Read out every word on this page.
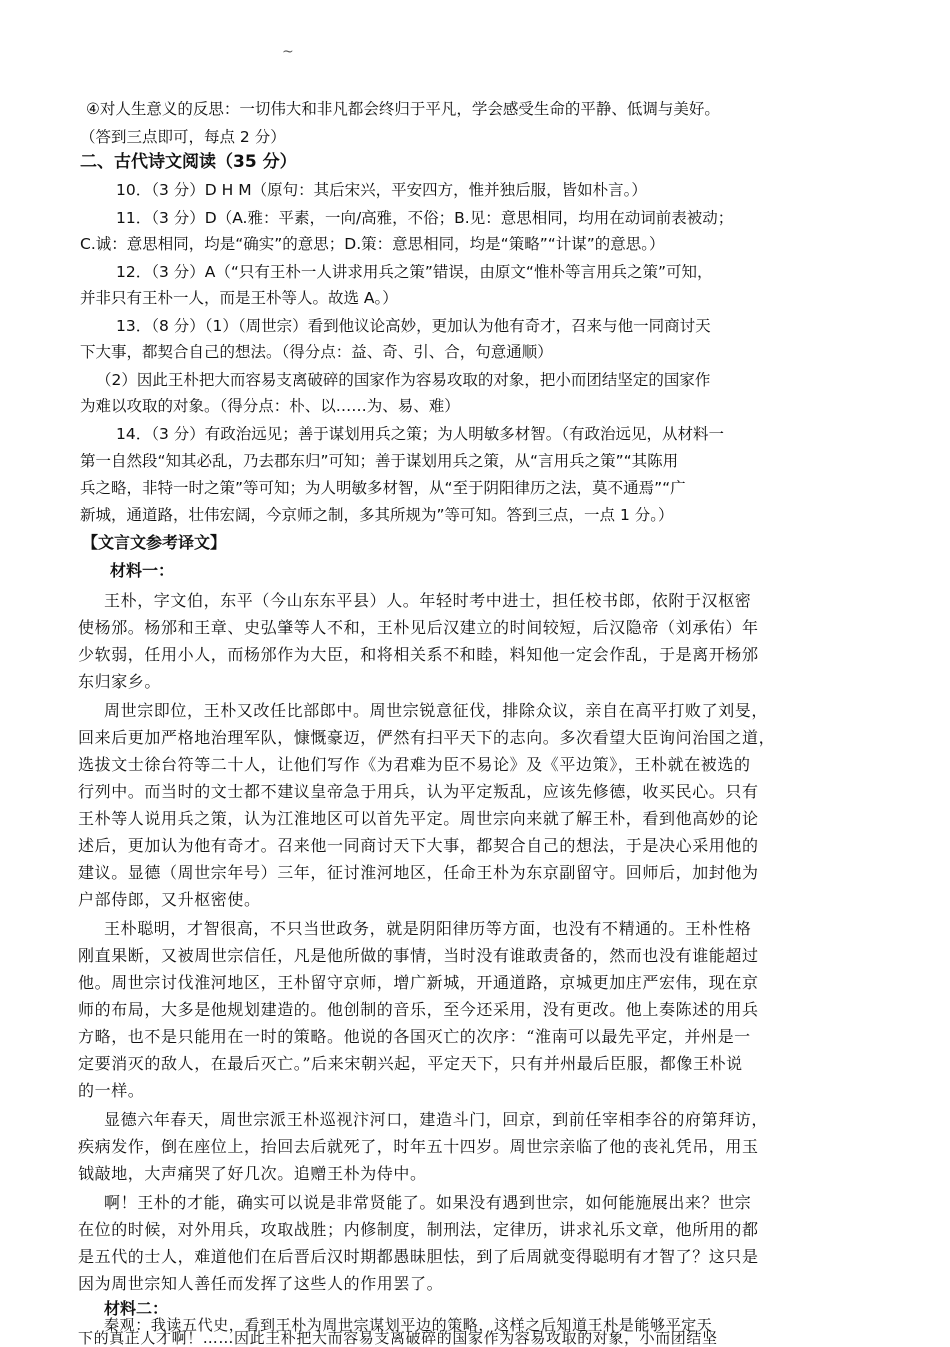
~
④对人生意义的反思：一切伟大和非凡都会终归于平凡，学会感受生命的平静、低调与美好。
（答到三点即可，每点 2 分）
二、古代诗文阅读（35 分）
10．（3 分）D H M（原句：其后宋兴，平安四方，惟并独后服，皆如朴言。）
11．（3 分）D（A.雅：平素，一向/高雅，不俗；B.见：意思相同，均用在动词前表被动；
C.诚：意思相同，均是“确实”的意思；D.策：意思相同，均是“策略”“计谋”的意思。）
12．（3 分）A（“只有王朴一人讲求用兵之策”错误，由原文“惟朴等言用兵之策”可知，
并非只有王朴一人，而是王朴等人。故选 A。）
13．（8 分）（1）（周世宗）看到他议论高妙，更加认为他有奇才，召来与他一同商讨天
下大事，都契合自己的想法。（得分点：益、奇、引、合，句意通顺）
（2）因此王朴把大而容易支离破碎的国家作为容易攻取的对象，把小而团结坚定的国家作
为难以攻取的对象。（得分点：朴、以……为、易、难）
14．（3 分）有政治远见；善于谋划用兵之策；为人明敏多材智。（有政治远见，从材料一
第一自然段“知其必乱，乃去郡东归”可知；善于谋划用兵之策，从“言用兵之策”“其陈用
兵之略，非特一时之策”等可知；为人明敏多材智，从“至于阴阳律历之法，莫不通焉”“广
新城，通道路，壮伟宏阔，今京师之制，多其所规为”等可知。答到三点，一点 1 分。）
【文言文参考译文】
材料一：
王朴，字文伯，东平（今山东东平县）人。年轻时考中进士，担任校书郎，依附于汉枢密
使杨邠。杨邠和王章、史弘肇等人不和，王朴见后汉建立的时间较短，后汉隐帝（刘承佑）年
少软弱，任用小人，而杨邠作为大臣，和将相关系不和睦，料知他一定会作乱，于是离开杨邠
东归家乡。
周世宗即位，王朴又改任比部郎中。周世宗锐意征伐，排除众议，亲自在高平打败了刘旻，
回来后更加严格地治理军队，慷慨豪迈，俨然有扫平天下的志向。多次看望大臣询问治国之道，
选拔文士徐台符等二十人，让他们写作《为君难为臣不易论》及《平边策》，王朴就在被选的
行列中。而当时的文士都不建议皇帝急于用兵，认为平定叛乱，应该先修德，收买民心。只有
王朴等人说用兵之策，认为江淮地区可以首先平定。周世宗向来就了解王朴，看到他高妙的论
述后，更加认为他有奇才。召来他一同商讨天下大事，都契合自己的想法，于是决心采用他的
建议。显德（周世宗年号）三年，征讨淮河地区，任命王朴为东京副留守。回师后，加封他为
户部侍郎，又升枢密使。
王朴聪明，才智很高，不只当世政务，就是阴阳律历等方面，也没有不精通的。王朴性格
刚直果断，又被周世宗信任，凡是他所做的事情，当时没有谁敢责备的，然而也没有谁能超过
他。周世宗讨伐淮河地区，王朴留守京师，增广新城，开通道路，京城更加庄严宏伟，现在京
师的布局，大多是他规划建造的。他创制的音乐，至今还采用，没有更改。他上奏陈述的用兵
方略，也不是只能用在一时的策略。他说的各国灭亡的次序：“淮南可以最先平定，并州是一
定要消灭的敌人，在最后灭亡。”后来宋朝兴起，平定天下，只有并州最后臣服，都像王朴说
的一样。
显德六年春天，周世宗派王朴巡视汴河口，建造斗门，回京，到前任宰相李谷的府第拜访，
疾病发作，倒在座位上，抬回去后就死了，时年五十四岁。周世宗亲临了他的丧礼凭吊，用玉
钺敲地，大声痛哭了好几次。追赠王朴为侍中。
啊！王朴的才能，确实可以说是非常贤能了。如果没有遇到世宗，如何能施展出来？世宗
在位的时候，对外用兵，攻取战胜；内修制度，制刑法，定律历，讲求礼乐文章，他所用的都
是五代的士人，难道他们在后晋后汉时期都愚昧胆怯，到了后周就变得聪明有才智了？这只是
因为周世宗知人善任而发挥了这些人的作用罢了。
材料二：
秦观：我读五代史，看到王朴为周世宗谋划平边的策略，这样之后知道王朴是能够平定天
下的真正人才啊！……因此王朴把大而容易支离破碎的国家作为容易攻取的对象，小而团结坚
